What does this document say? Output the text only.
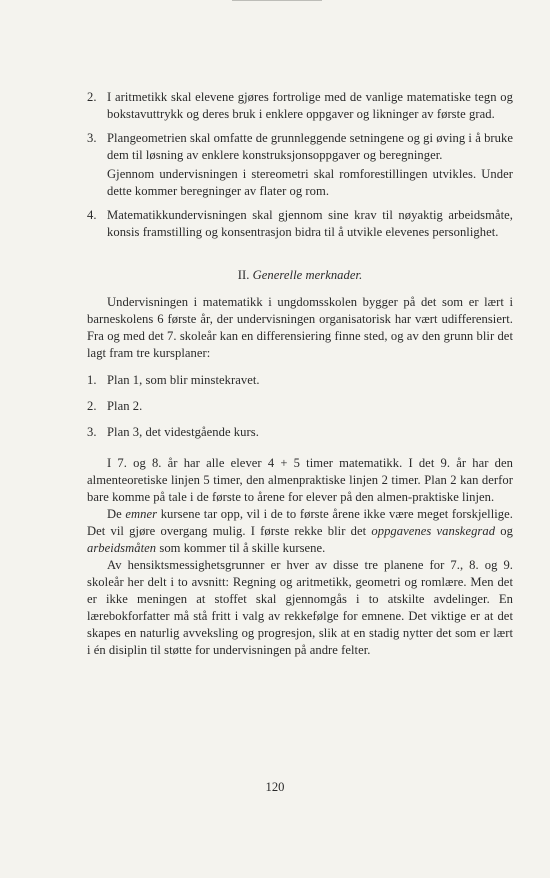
2. I aritmetikk skal elevene gjøres fortrolige med de vanlige matematiske tegn og bokstavuttrykk og deres bruk i enklere oppgaver og likninger av første grad.

3. Plangeometrien skal omfatte de grunnleggende setningene og gi øving i å bruke dem til løsning av enklere konstruksjonsoppgaver og beregninger.

Gjennom undervisningen i stereometri skal romforestillingen utvikles. Under dette kommer beregninger av flater og rom.

4. Matematikkundervisningen skal gjennom sine krav til nøyaktig arbeidsmåte, konsis framstilling og konsentrasjon bidra til å utvikle elevenes personlighet.

II. Generelle merknader.

Undervisningen i matematikk i ungdomsskolen bygger på det som er lært i barneskolens 6 første år, der undervisningen organisatorisk har vært udifferensiert. Fra og med det 7. skoleår kan en differensiering finne sted, og av den grunn blir det lagt fram tre kursplaner:

1. Plan 1, som blir minstekravet.
2. Plan 2.
3. Plan 3, det videstgående kurs.

I 7. og 8. år har alle elever 4 + 5 timer matematikk. I det 9. år har den almenteoretiske linjen 5 timer, den almenpraktiske linjen 2 timer. Plan 2 kan derfor bare komme på tale i de første to årene for elever på den almen-praktiske linjen.

De emner kursene tar opp, vil i de to første årene ikke være meget forskjellige. Det vil gjøre overgang mulig. I første rekke blir det oppgavenes vanskegrad og arbeidsmåten som kommer til å skille kursene.

Av hensiktsmessighetsgrunner er hver av disse tre planene for 7., 8. og 9. skoleår her delt i to avsnitt: Regning og aritmetikk, geometri og romlære. Men det er ikke meningen at stoffet skal gjennomgås i to atskilte avdelinger. En lærebokforfatter må stå fritt i valg av rekkefølge for emnene. Det viktige er at det skapes en naturlig avveksling og progresjon, slik at en stadig nytter det som er lært i én disiplin til støtte for undervisningen på andre felter.

120
